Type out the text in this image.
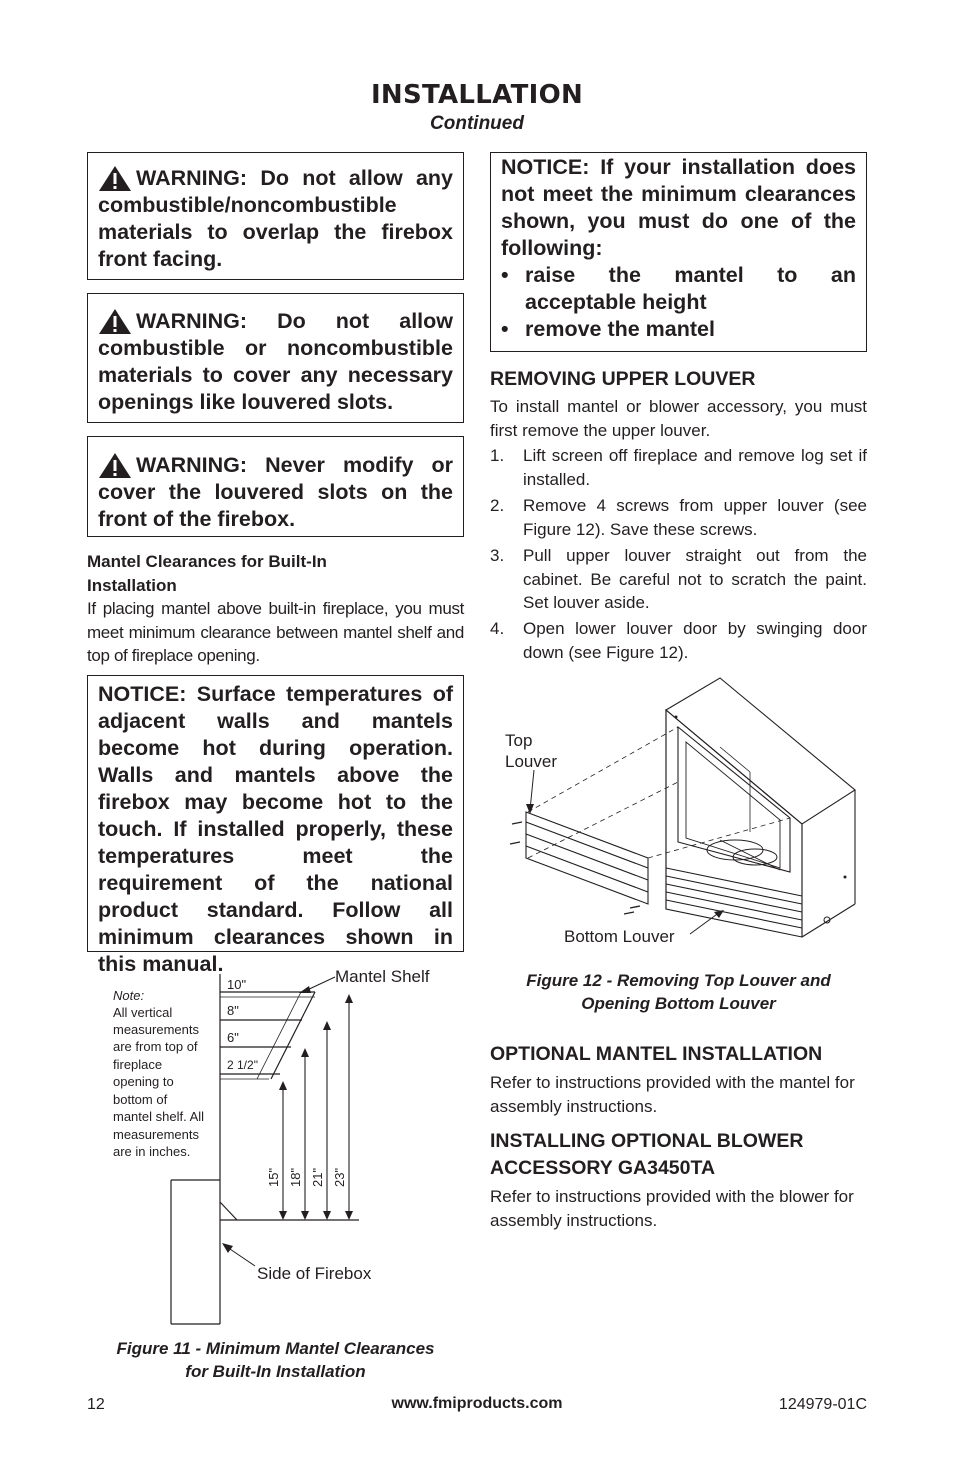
INSTALLATION
Continued
WARNING: Do not allow any combustible/noncombustible materials to overlap the firebox front facing.
WARNING: Do not allow combustible or noncombustible materials to cover any necessary openings like louvered slots.
WARNING: Never modify or cover the louvered slots on the front of the firebox.
Mantel Clearances for Built-In
Installation
If placing mantel above built-in fireplace, you must meet minimum clearance between mantel shelf and top of fireplace opening.
NOTICE: Surface temperatures of adjacent walls and mantels become hot during operation. Walls and mantels above the firebox may become hot to the touch. If installed properly, these temperatures meet the requirement of the national product standard. Follow all minimum clearances shown in this manual.
Note:
All vertical
measurements
are from top of
fireplace
opening to
bottom of
mantel shelf. All
measurements
are in inches.
10"
8"
6"
2 1/2"
15" 18" 21" 23"
Mantel Shelf
Side of Firebox
Figure 11 - Minimum Mantel Clearances
for Built-In Installation
NOTICE: If your installation does not meet the minimum clearances shown, you must do one of the following:
• raise the mantel to an acceptable height
• remove the mantel
REMOVING UPPER LOUVER
To install mantel or blower accessory, you must first remove the upper louver.
1. Lift screen off fireplace and remove log set if installed.
2. Remove 4 screws from upper louver (see Figure 12). Save these screws.
3. Pull upper louver straight out from the cabinet. Be careful not to scratch the paint. Set louver aside.
4. Open lower louver door by swinging door down (see Figure 12).
Top
Louver
Bottom Louver
Figure 12 - Removing Top Louver and
Opening Bottom Louver
OPTIONAL MANTEL INSTALLATION
Refer to instructions provided with the mantel for assembly instructions.
INSTALLING OPTIONAL BLOWER
ACCESSORY GA3450TA
Refer to instructions provided with the blower for assembly instructions.
12	www.fmiproducts.com	124979-01C
